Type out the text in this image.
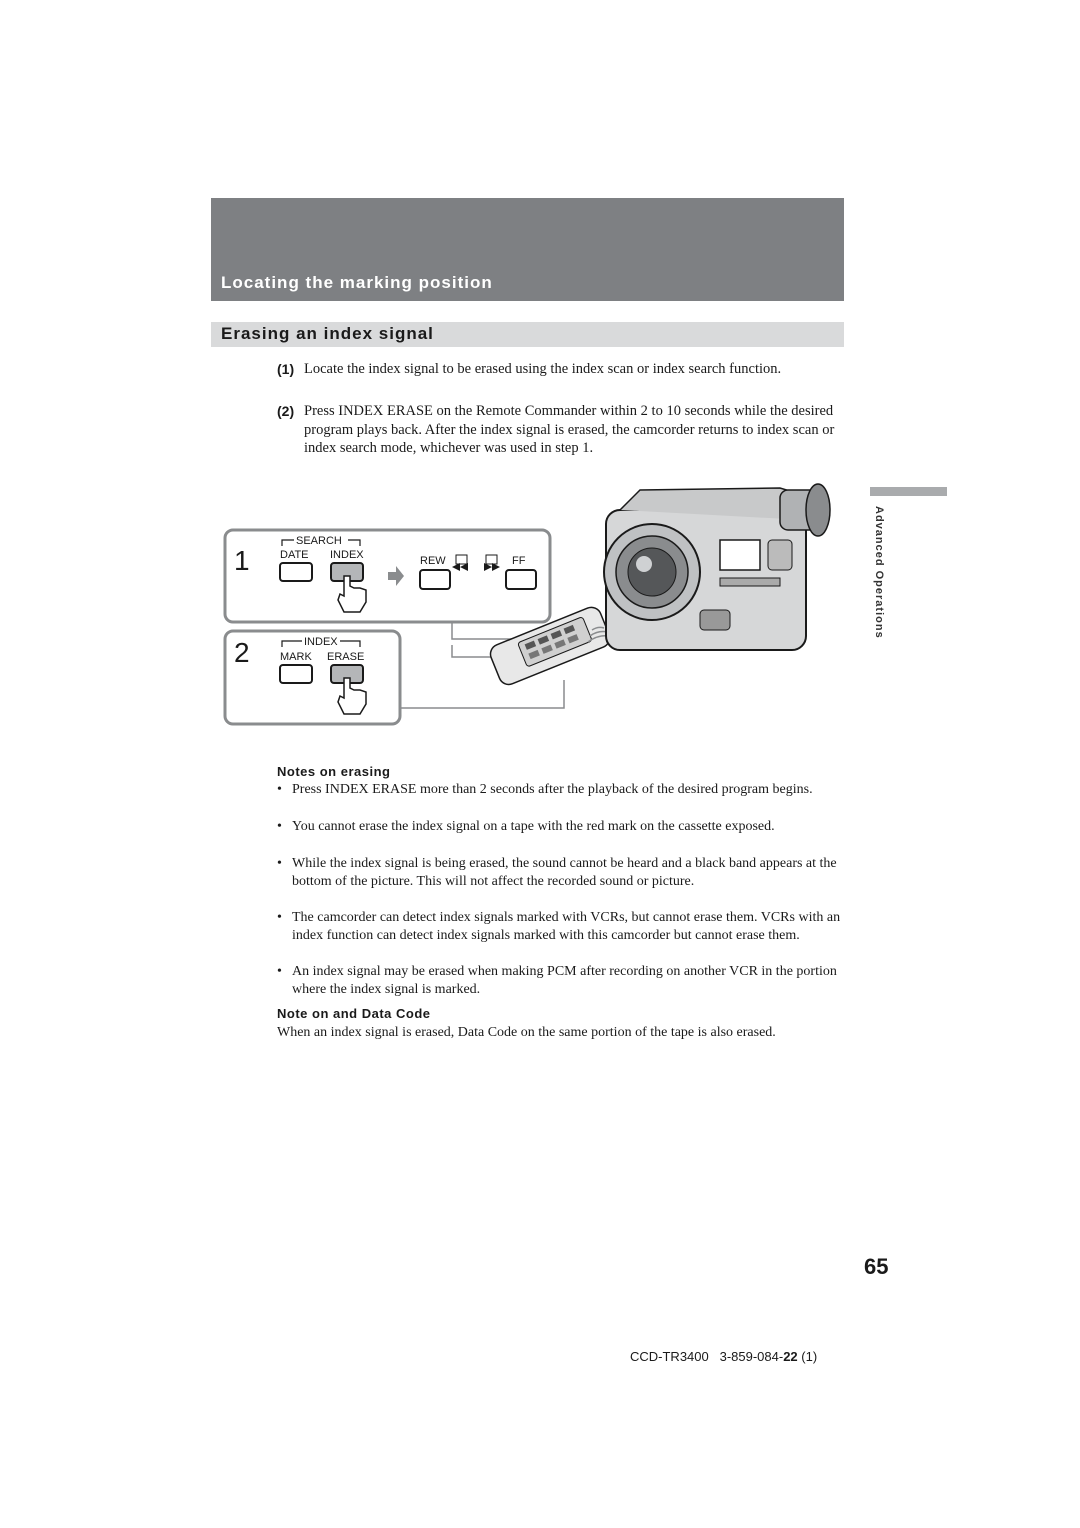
Locating the marking position
Erasing an index signal
(1) Locate the index signal to be erased using the index scan or index search function.
(2) Press INDEX ERASE on the Remote Commander within 2 to 10 seconds while the desired program plays back. After the index signal is erased, the camcorder returns to index scan or index search mode, whichever was used in step 1.
Advanced Operations
1
SEARCH
DATE INDEX	REW	FF
2	INDEX
MARK ERASE
Notes on erasing
• Press INDEX ERASE more than 2 seconds after the playback of the desired program begins.
• You cannot erase the index signal on a tape with the red mark on the cassette exposed.
• While the index signal is being erased, the sound cannot be heard and a black band appears at the bottom of the picture. This will not affect the recorded sound or picture.
• The camcorder can detect index signals marked with VCRs, but cannot erase them. VCRs with an index function can detect index signals marked with this camcorder but cannot erase them.
• An index signal may be erased when making PCM after recording on another VCR in the portion where the index signal is marked.
Note on and Data Code
When an index signal is erased, Data Code on the same portion of the tape is also erased.
65
CCD-TR3400 3-859-084-22 (1)
